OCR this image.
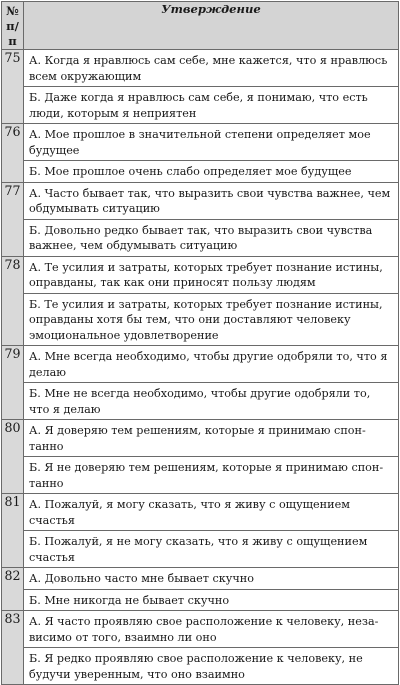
№
п/п	Утверждение
75	А. Когда я нравлюсь сам себе, мне кажется, что я нравлюсь всем окружающим
	Б. Даже когда я нравлюсь сам себе, я понимаю, что есть люди, которым я неприятен
76	А. Мое прошлое в значительной степени определяет мое будущее
	Б. Мое прошлое очень слабо определяет мое будущее
77	А. Часто бывает так, что выразить свои чувства важнее, чем обдумывать ситуацию
	Б. Довольно редко бывает так, что выразить свои чувства важнее, чем обдумывать ситуацию
78	А. Те усилия и затраты, которых требует познание истины, оправданы, так как они приносят пользу людям
	Б. Те усилия и затраты, которых требует познание истины, оправданы хотя бы тем, что они доставляют человеку эмоциональное удовлетворение
79	А. Мне всегда необходимо, чтобы другие одобряли то, что я делаю
	Б. Мне не всегда необходимо, чтобы другие одобряли то, что я делаю
80	А. Я доверяю тем решениям, которые я принимаю спонтанно
	Б. Я не доверяю тем решениям, которые я принимаю спонтанно
81	А. Пожалуй, я могу сказать, что я живу с ощущением счастья
	Б. Пожалуй, я не могу сказать, что я живу с ощущением счастья
82	А. Довольно часто мне бывает скучно
	Б. Мне никогда не бывает скучно
83	А. Я часто проявляю свое расположение к человеку, независимо от того, взаимно ли оно
	Б. Я редко проявляю свое расположение к человеку, не будучи уверенным, что оно взаимно
